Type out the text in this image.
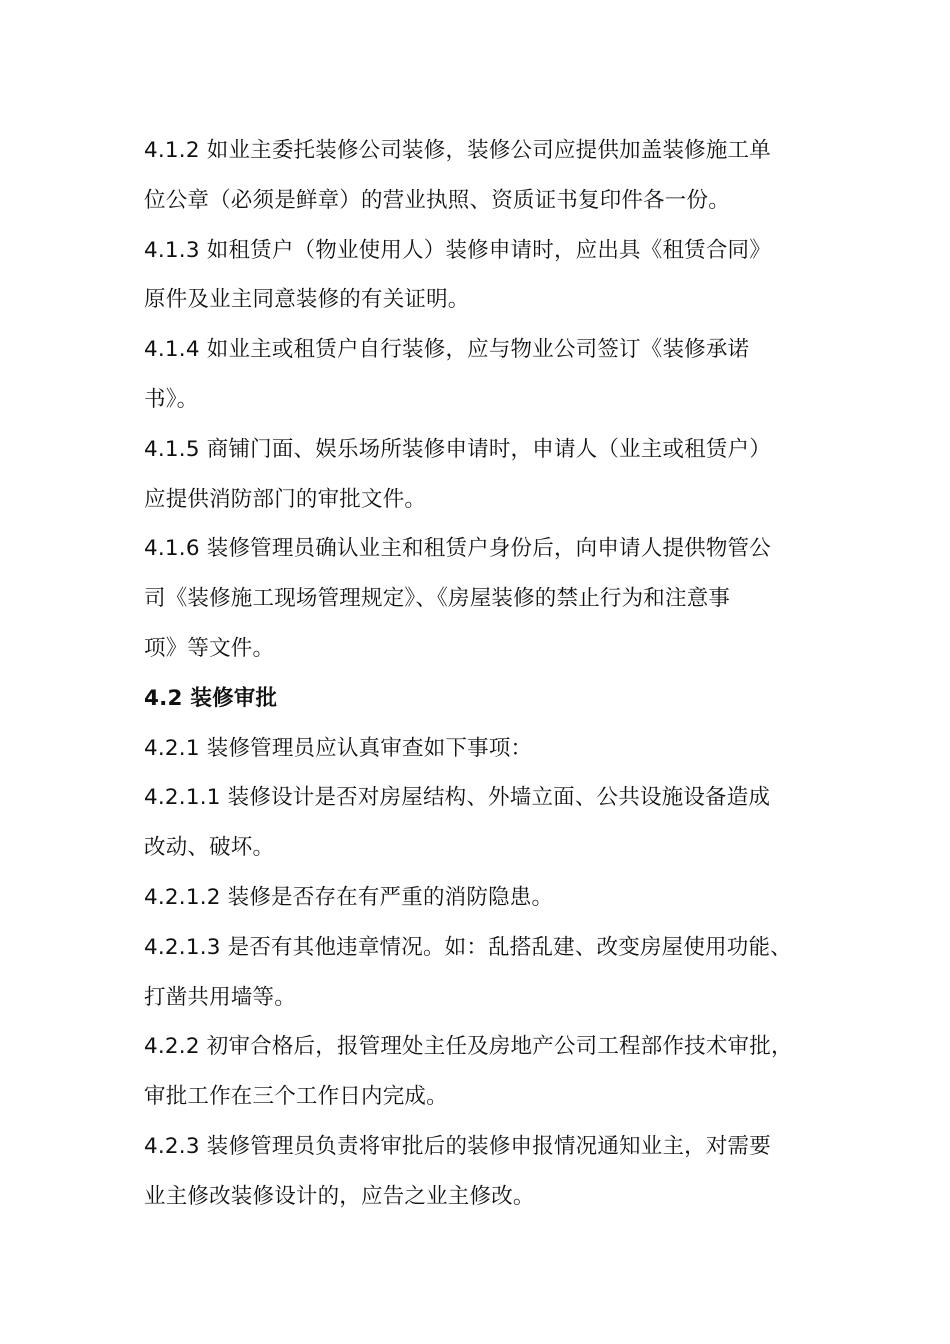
4.1.2 如业主委托装修公司装修，装修公司应提供加盖装修施工单
位公章（必须是鲜章）的营业执照、资质证书复印件各一份。
4.1.3 如租赁户（物业使用人）装修申请时，应出具《租赁合同》
原件及业主同意装修的有关证明。
4.1.4 如业主或租赁户自行装修，应与物业公司签订《装修承诺
书》。
4.1.5 商铺门面、娱乐场所装修申请时，申请人（业主或租赁户）
应提供消防部门的审批文件。
4.1.6 装修管理员确认业主和租赁户身份后，向申请人提供物管公
司《装修施工现场管理规定》、《房屋装修的禁止行为和注意事
项》等文件。
4.2 装修审批
4.2.1 装修管理员应认真审查如下事项：
4.2.1.1 装修设计是否对房屋结构、外墙立面、公共设施设备造成
改动、破坏。
4.2.1.2 装修是否存在有严重的消防隐患。
4.2.1.3 是否有其他违章情况。如：乱搭乱建、改变房屋使用功能、
打凿共用墙等。
4.2.2 初审合格后，报管理处主任及房地产公司工程部作技术审批，
审批工作在三个工作日内完成。
4.2.3 装修管理员负责将审批后的装修申报情况通知业主，对需要
业主修改装修设计的，应告之业主修改。
